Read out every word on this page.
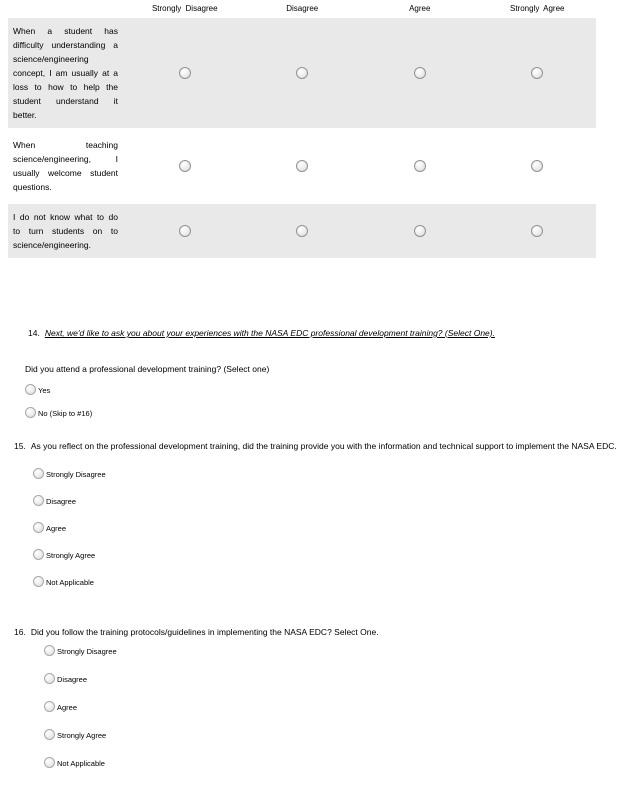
Strongly Disagree	Disagree	Agree	Strongly Agree
When a student has difficulty understanding a science/engineering concept, I am usually at a loss to how to help the student understand it better.
When teaching science/engineering, I usually welcome student questions.
I do not know what to do to turn students on to science/engineering.

14. Next, we'd like to ask you about your experiences with the NASA EDC professional development training? (Select One).

Did you attend a professional development training? (Select one)

Yes
No (Skip to #16)

15. As you reflect on the professional development training, did the training provide you with the information and technical support to implement the NASA EDC.

Strongly Disagree
Disagree
Agree
Strongly Agree
Not Applicable

16. Did you follow the training protocols/guidelines in implementing the NASA EDC? Select One.

Strongly Disagree
Disagree
Agree
Strongly Agree
Not Applicable
